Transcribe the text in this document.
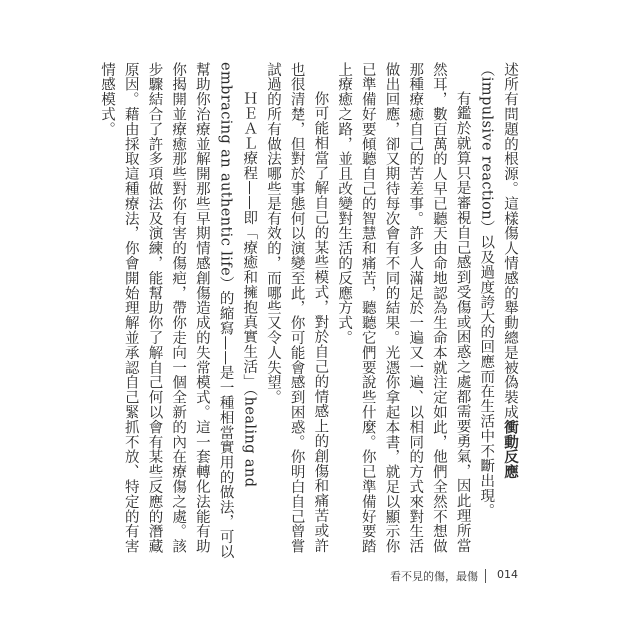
述所有問題的根源。這樣傷人情感的舉動總是被偽裝成衝動反應（impulsive reaction）以及過度誇大的回應而在生活中不斷出現。

有鑑於就算只是審視自己感到受傷或困惑之處都需要勇氣，因此理所當然耳，數百萬的人早已聽天由命地認為生命本就注定如此，他們全然不想做那種療癒自己的苦差事。許多人滿足於一遍又一遍、以相同的方式來對生活做出回應，卻又期待每次會有不同的結果。光憑你拿起本書，就足以顯示你已準備好要傾聽自己的智慧和痛苦，聽聽它們要說些什麼。你已準備好要踏上療癒之路，並且改變對生活的反應方式。

你可能相當了解自己的某些模式，對於自己的情感上的創傷和痛苦或許也很清楚，但對於事態何以演變至此，你可能會感到困惑。你明白自己曾嘗試過的所有做法哪些是有效的，而哪些又令人失望。

ＨＥＡＬ療程——即「療癒和擁抱真實生活」（healing and embracing an authentic life）的縮寫——是一種相當實用的做法，可以幫助你治療並解開那些早期情感創傷造成的失常模式。這一套轉化法能有助你揭開並療癒那些對你有害的傷疤，帶你走向一個全新的內在療傷之處。該步驟結合了許多項做法及演練，能幫助你了解自己何以會有某些反應的潛藏原因。藉由採取這種療法，你會開始理解並承認自己緊抓不放、特定的有害情感模式。

看不見的傷，最傷 014
